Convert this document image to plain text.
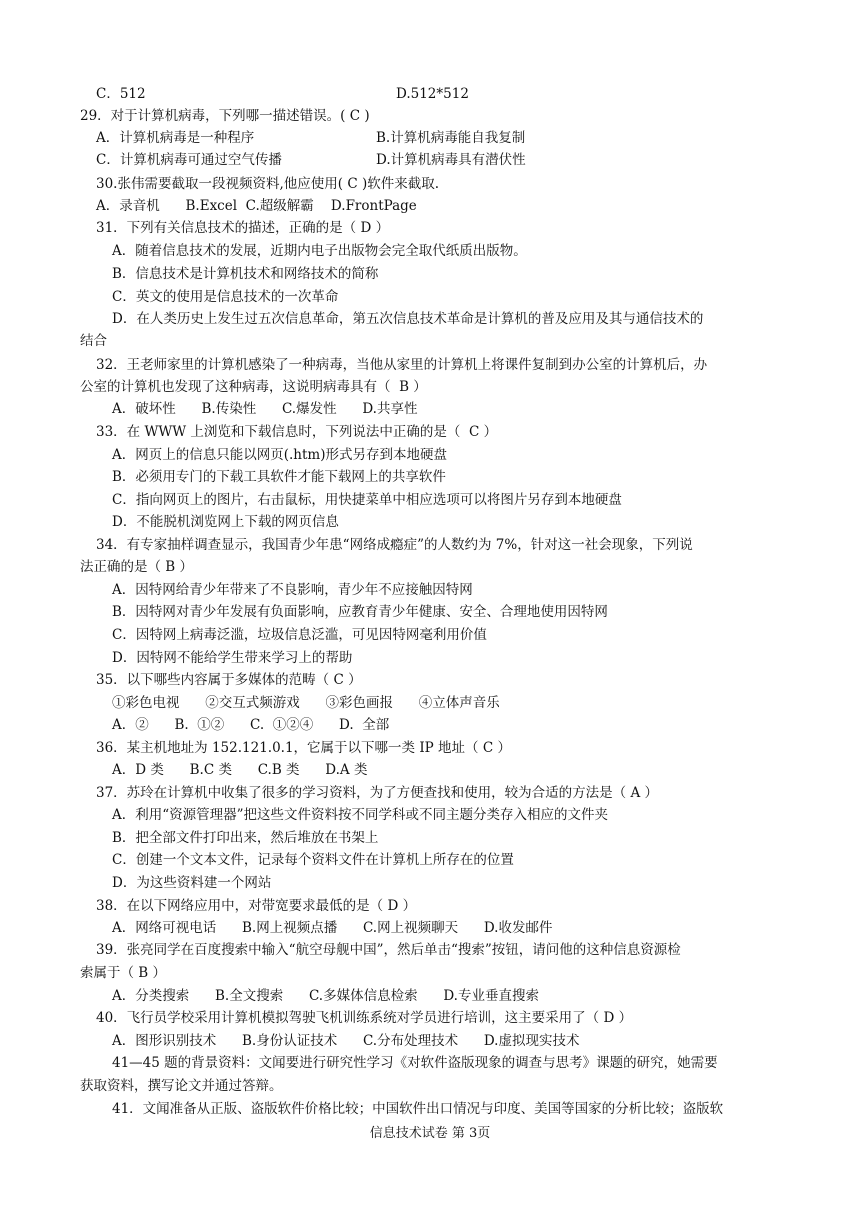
C．512	D.512*512
29．对于计算机病毒，下列哪一描述错误。( C )
A．计算机病毒是一种程序	B.计算机病毒能自我复制
C．计算机病毒可通过空气传播	D.计算机病毒具有潜伏性
30.张伟需要截取一段视频资料,他应使用( C )软件来截取.
A．录音机      B.Excel  C.超级解霸    D.FrontPage
31．下列有关信息技术的描述，正确的是（ D ）
A．随着信息技术的发展，近期内电子出版物会完全取代纸质出版物。
B．信息技术是计算机技术和网络技术的简称
C．英文的使用是信息技术的一次革命
D．在人类历史上发生过五次信息革命，第五次信息技术革命是计算机的普及应用及其与通信技术的
结合
32．王老师家里的计算机感染了一种病毒，当他从家里的计算机上将课件复制到办公室的计算机后，办
公室的计算机也发现了这种病毒，这说明病毒具有（  B ）
A．破坏性      B.传染性      C.爆发性      D.共享性
33．在 WWW 上浏览和下载信息时，下列说法中正确的是（  C ）
A．网页上的信息只能以网页(.htm)形式另存到本地硬盘
B．必须用专门的下载工具软件才能下载网上的共享软件
C．指向网页上的图片，右击鼠标，用快捷菜单中相应选项可以将图片另存到本地硬盘
D．不能脱机浏览网上下载的网页信息
34．有专家抽样调查显示，我国青少年患“网络成瘾症”的人数约为 7%，针对这一社会现象，下列说
法正确的是（ B ）
A．因特网给青少年带来了不良影响，青少年不应接触因特网
B．因特网对青少年发展有负面影响，应教育青少年健康、安全、合理地使用因特网
C．因特网上病毒泛滥，垃圾信息泛滥，可见因特网毫利用价值
D．因特网不能给学生带来学习上的帮助
35．以下哪些内容属于多媒体的范畴（ C ）
①彩色电视      ②交互式频游戏      ③彩色画报      ④立体声音乐
A．②      B.  ①②      C.  ①②④      D.  全部
36．某主机地址为 152.121.0.1，它属于以下哪一类 IP 地址（ C ）
A．D 类      B.C 类      C.B 类      D.A 类
37．苏玲在计算机中收集了很多的学习资料，为了方便查找和使用，较为合适的方法是（ A ）
A．利用“资源管理器”把这些文件资料按不同学科或不同主题分类存入相应的文件夹
B．把全部文件打印出来，然后堆放在书架上
C．创建一个文本文件，记录每个资料文件在计算机上所存在的位置
D．为这些资料建一个网站
38．在以下网络应用中，对带宽要求最低的是（ D ）
A．网络可视电话      B.网上视频点播      C.网上视频聊天      D.收发邮件
39．张亮同学在百度搜索中输入“航空母舰中国”，然后单击“搜索”按钮，请问他的这种信息资源检
索属于（ B ）
A．分类搜索      B.全文搜索      C.多媒体信息检索      D.专业垂直搜索
40．飞行员学校采用计算机模拟驾驶飞机训练系统对学员进行培训，这主要采用了（ D ）
A．图形识别技术      B.身份认证技术      C.分布处理技术      D.虚拟现实技术
41—45 题的背景资料：文闻要进行研究性学习《对软件盗版现象的调查与思考》课题的研究，她需要
获取资料，撰写论文并通过答辩。
41．文闻准备从正版、盗版软件价格比较；中国软件出口情况与印度、美国等国家的分析比较；盗版软
信息技术试卷 第 3页
